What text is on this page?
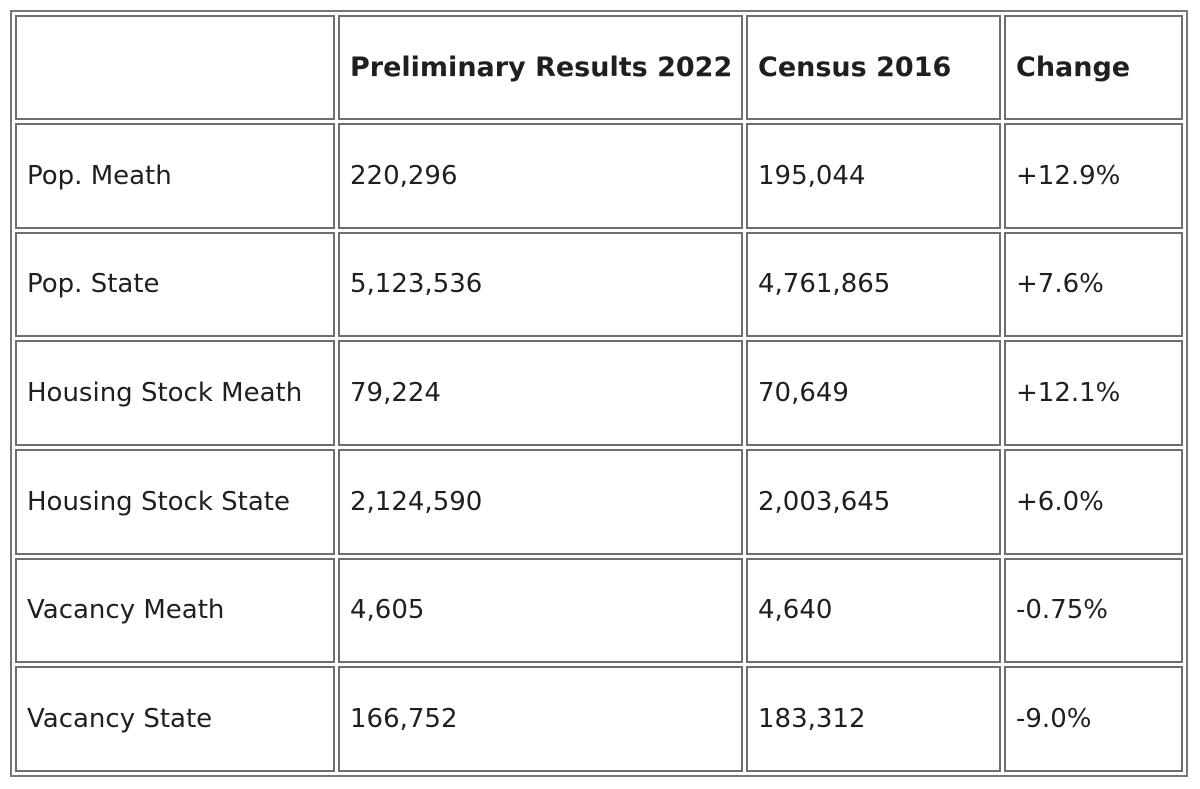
	Preliminary Results 2022	Census 2016	Change
Pop. Meath	220,296	195,044	+12.9%
Pop. State	5,123,536	4,761,865	+7.6%
Housing Stock Meath	79,224	70,649	+12.1%
Housing Stock State	2,124,590	2,003,645	+6.0%
Vacancy Meath	4,605	4,640	-0.75%
Vacancy State	166,752	183,312	-9.0%
